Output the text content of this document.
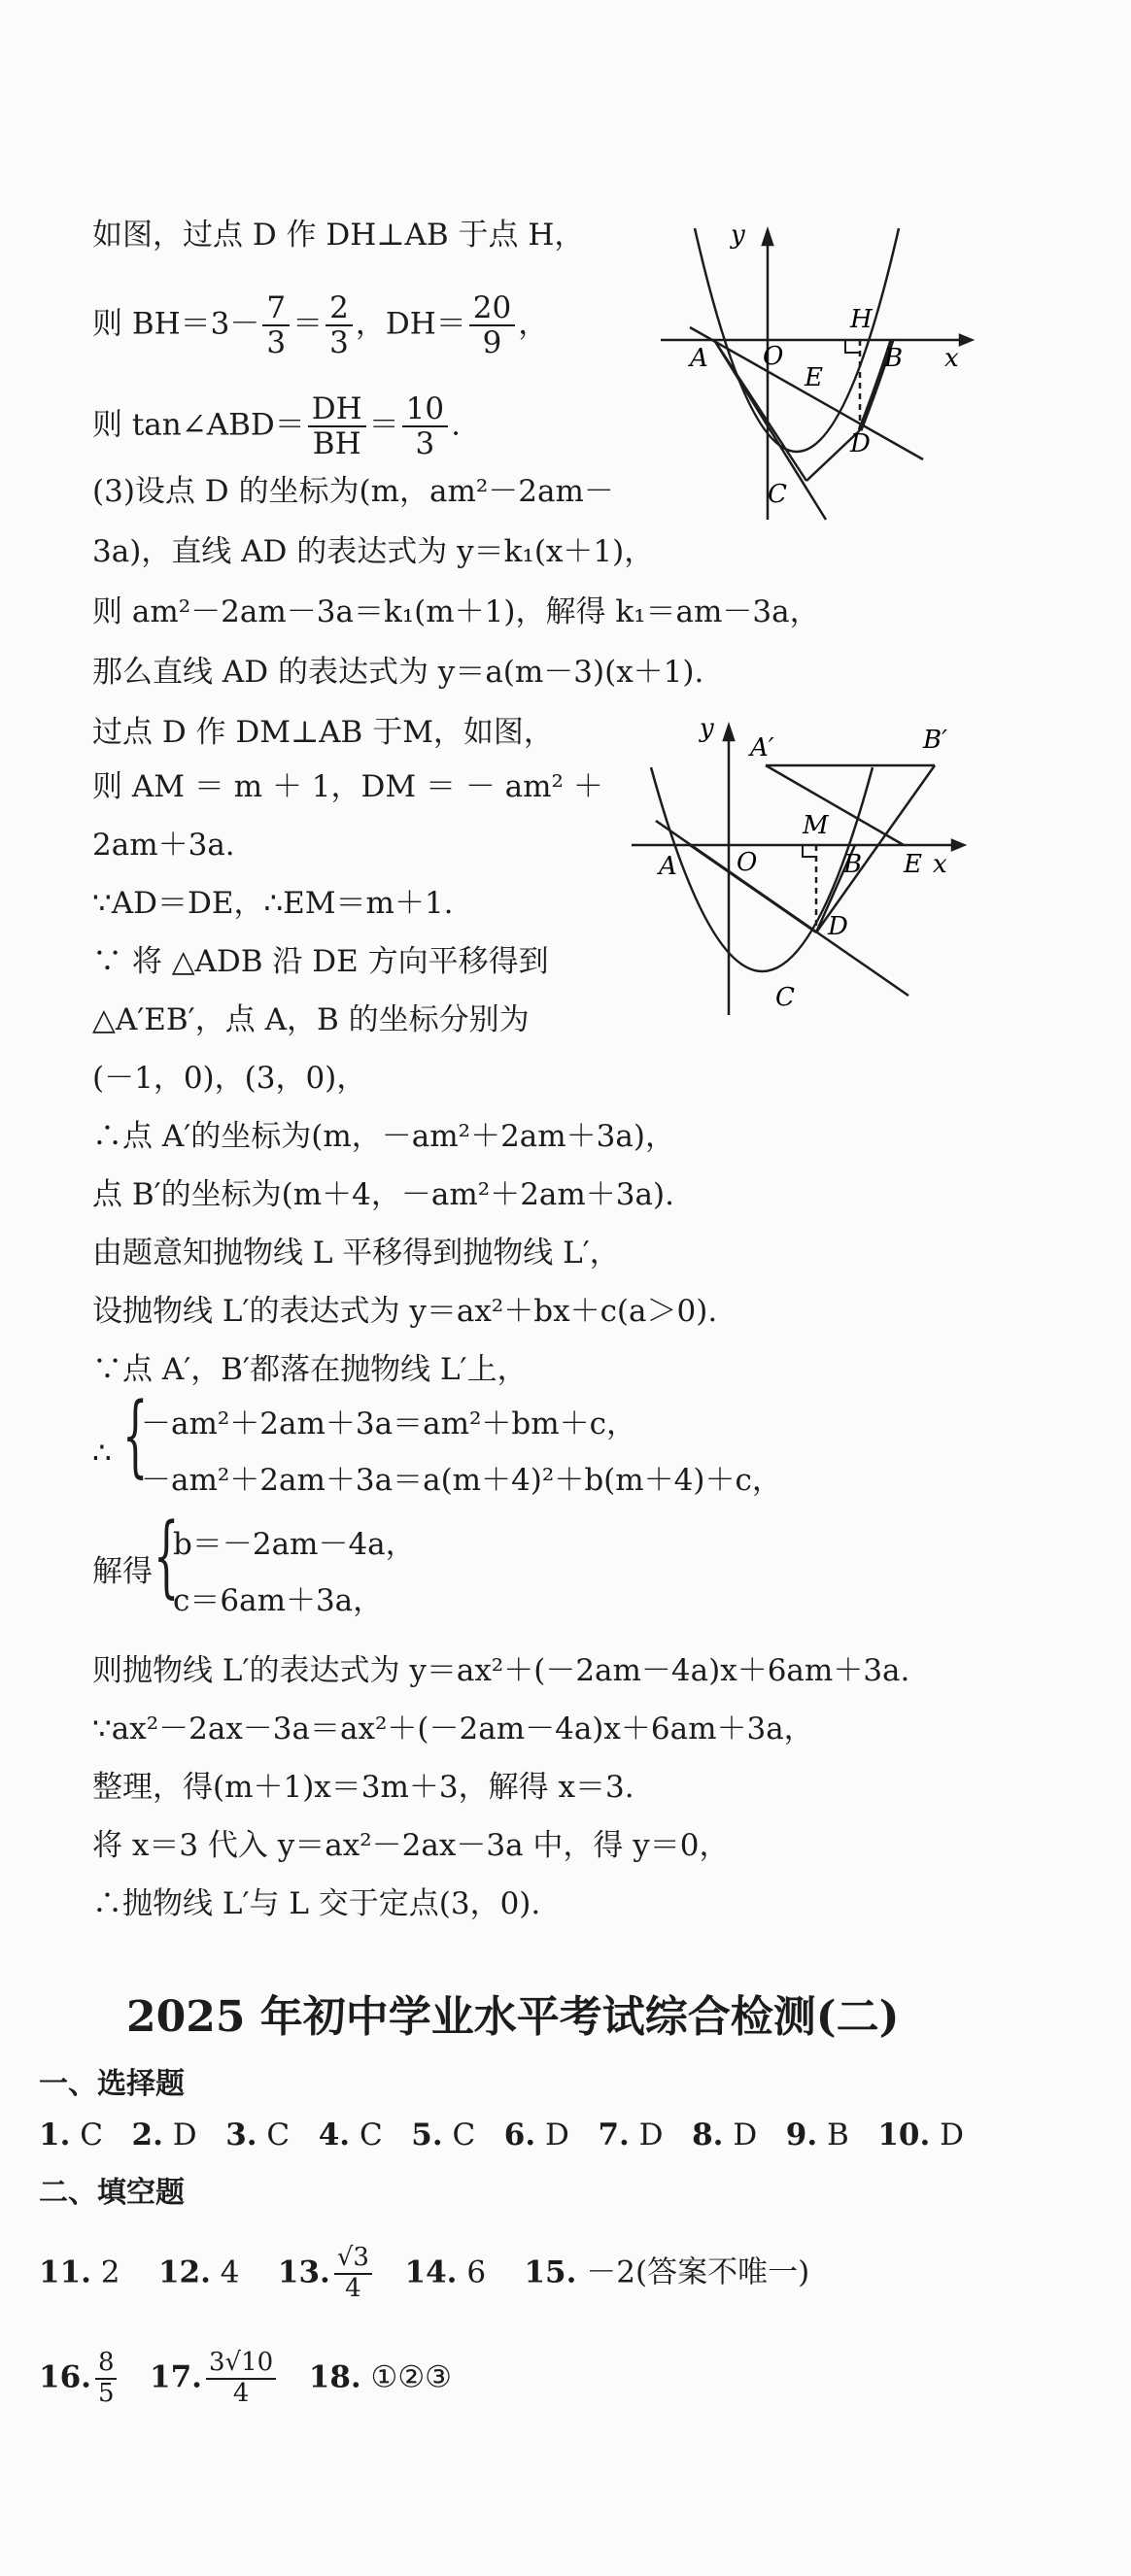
如图，过点 D 作 DH⊥AB 于点 H，
则 $BH=3- \frac{7}{3} = \frac{2}{3}$ ，$DH= \frac{20}{9}$ ，
则 tan∠ABD＝ $\frac{DH}{BH} = \frac{10}{3}$ .
(3)设点 D 的坐标为(m，am²－2am－
3a)，直线 AD 的表达式为 y＝k₁(x＋1)，
则 am²－2am－3a＝k₁(m＋1)，解得 k₁＝am－3a，
那么直线 AD 的表达式为 y＝a(m－3)(x＋1).
过点 D 作 DM⊥AB 于M，如图，
则 AM ＝ m ＋ 1，DM ＝ － am² ＋
2am＋3a.
∵AD＝DE，∴EM＝m＋1.
∵ 将 △ADB 沿 DE 方向平移得到
△A′EB′，点 A，B 的坐标分别为
(－1，0)，(3，0)，
∴点 A′的坐标为(m，－am²＋2am＋3a)，
点 B′的坐标为(m＋4，－am²＋2am＋3a).
由题意知抛物线 L 平移得到抛物线 L′，
设抛物线 L′的表达式为 y＝ax²＋bx＋c(a＞0).
∵点 A′，B′都落在抛物线 L′上，
∴ {
－am²＋2am＋3a＝am²＋bm＋c，
－am²＋2am＋3a＝a(m＋4)²＋b(m＋4)＋c，
解得 {
b＝－2am－4a，
c＝6am＋3a，
则抛物线 L′的表达式为 y＝ax²＋(－2am－4a)x＋6am＋3a.
∵ax²－2ax－3a＝ax²＋(－2am－4a)x＋6am＋3a，
整理，得(m＋1)x＝3m＋3，解得 x＝3.
将 x＝3 代入 y＝ax²－2ax－3a 中，得 y＝0，
∴抛物线 L′与 L 交于定点(3，0).
y
x
H
A O	B
E
D
C
y
x
A′	B′
M
A O	B E
D
C
2025 年初中学业水平考试综合检测(二)
一、选择题
1. C 2. D 3. C 4. C 5. C 6. D 7. D 8. D 9. B 10. D
二、填空题
11. 2 12. 4 13. $\frac{√3}{4} 14$. 6 15. －2(答案不唯一)
16. $\frac{8}{5} 17$. $\frac{3√10}{4} 18$. ①②③
